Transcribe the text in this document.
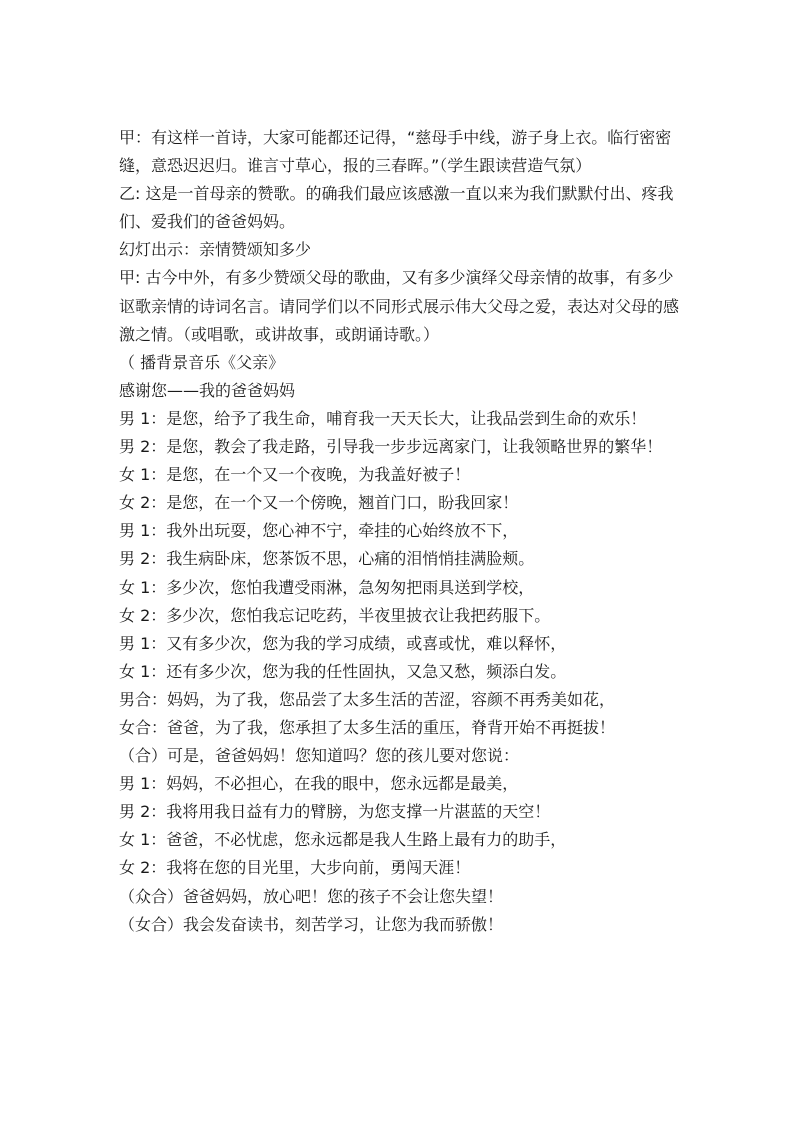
甲：有这样一首诗，大家可能都还记得，“慈母手中线，游子身上衣。临行密密
缝，意恐迟迟归。谁言寸草心，报的三春晖。”（学生跟读营造气氛）
乙: 这是一首母亲的赞歌。的确我们最应该感激一直以来为我们默默付出、疼我
们、爱我们的爸爸妈妈。
幻灯出示：亲情赞颂知多少
甲: 古今中外，有多少赞颂父母的歌曲，又有多少演绎父母亲情的故事，有多少
讴歌亲情的诗词名言。请同学们以不同形式展示伟大父母之爱，表达对父母的感
激之情。（或唱歌，或讲故事，或朗诵诗歌。）
（ 播背景音乐《父亲》
感谢您——我的爸爸妈妈
男 1：是您，给予了我生命，哺育我一天天长大，让我品尝到生命的欢乐！
男 2：是您，教会了我走路，引导我一步步远离家门，让我领略世界的繁华！
女 1：是您，在一个又一个夜晚，为我盖好被子！
女 2：是您，在一个又一个傍晚，翘首门口，盼我回家！
男 1：我外出玩耍，您心神不宁，牵挂的心始终放不下，
男 2：我生病卧床，您茶饭不思，心痛的泪悄悄挂满脸颊。
女 1：多少次，您怕我遭受雨淋，急匆匆把雨具送到学校，
女 2：多少次，您怕我忘记吃药，半夜里披衣让我把药服下。
男 1：又有多少次，您为我的学习成绩，或喜或忧，难以释怀，
女 1：还有多少次，您为我的任性固执，又急又愁，频添白发。
男合：妈妈，为了我，您品尝了太多生活的苦涩，容颜不再秀美如花，
女合：爸爸，为了我，您承担了太多生活的重压，脊背开始不再挺拔！
（合）可是，爸爸妈妈！您知道吗？您的孩儿要对您说：
男 1：妈妈，不必担心，在我的眼中，您永远都是最美，
男 2：我将用我日益有力的臂膀，为您支撑一片湛蓝的天空！
女 1：爸爸，不必忧虑，您永远都是我人生路上最有力的助手，
女 2：我将在您的目光里，大步向前，勇闯天涯！
（众合）爸爸妈妈，放心吧！您的孩子不会让您失望！
（女合）我会发奋读书，刻苦学习，让您为我而骄傲！
